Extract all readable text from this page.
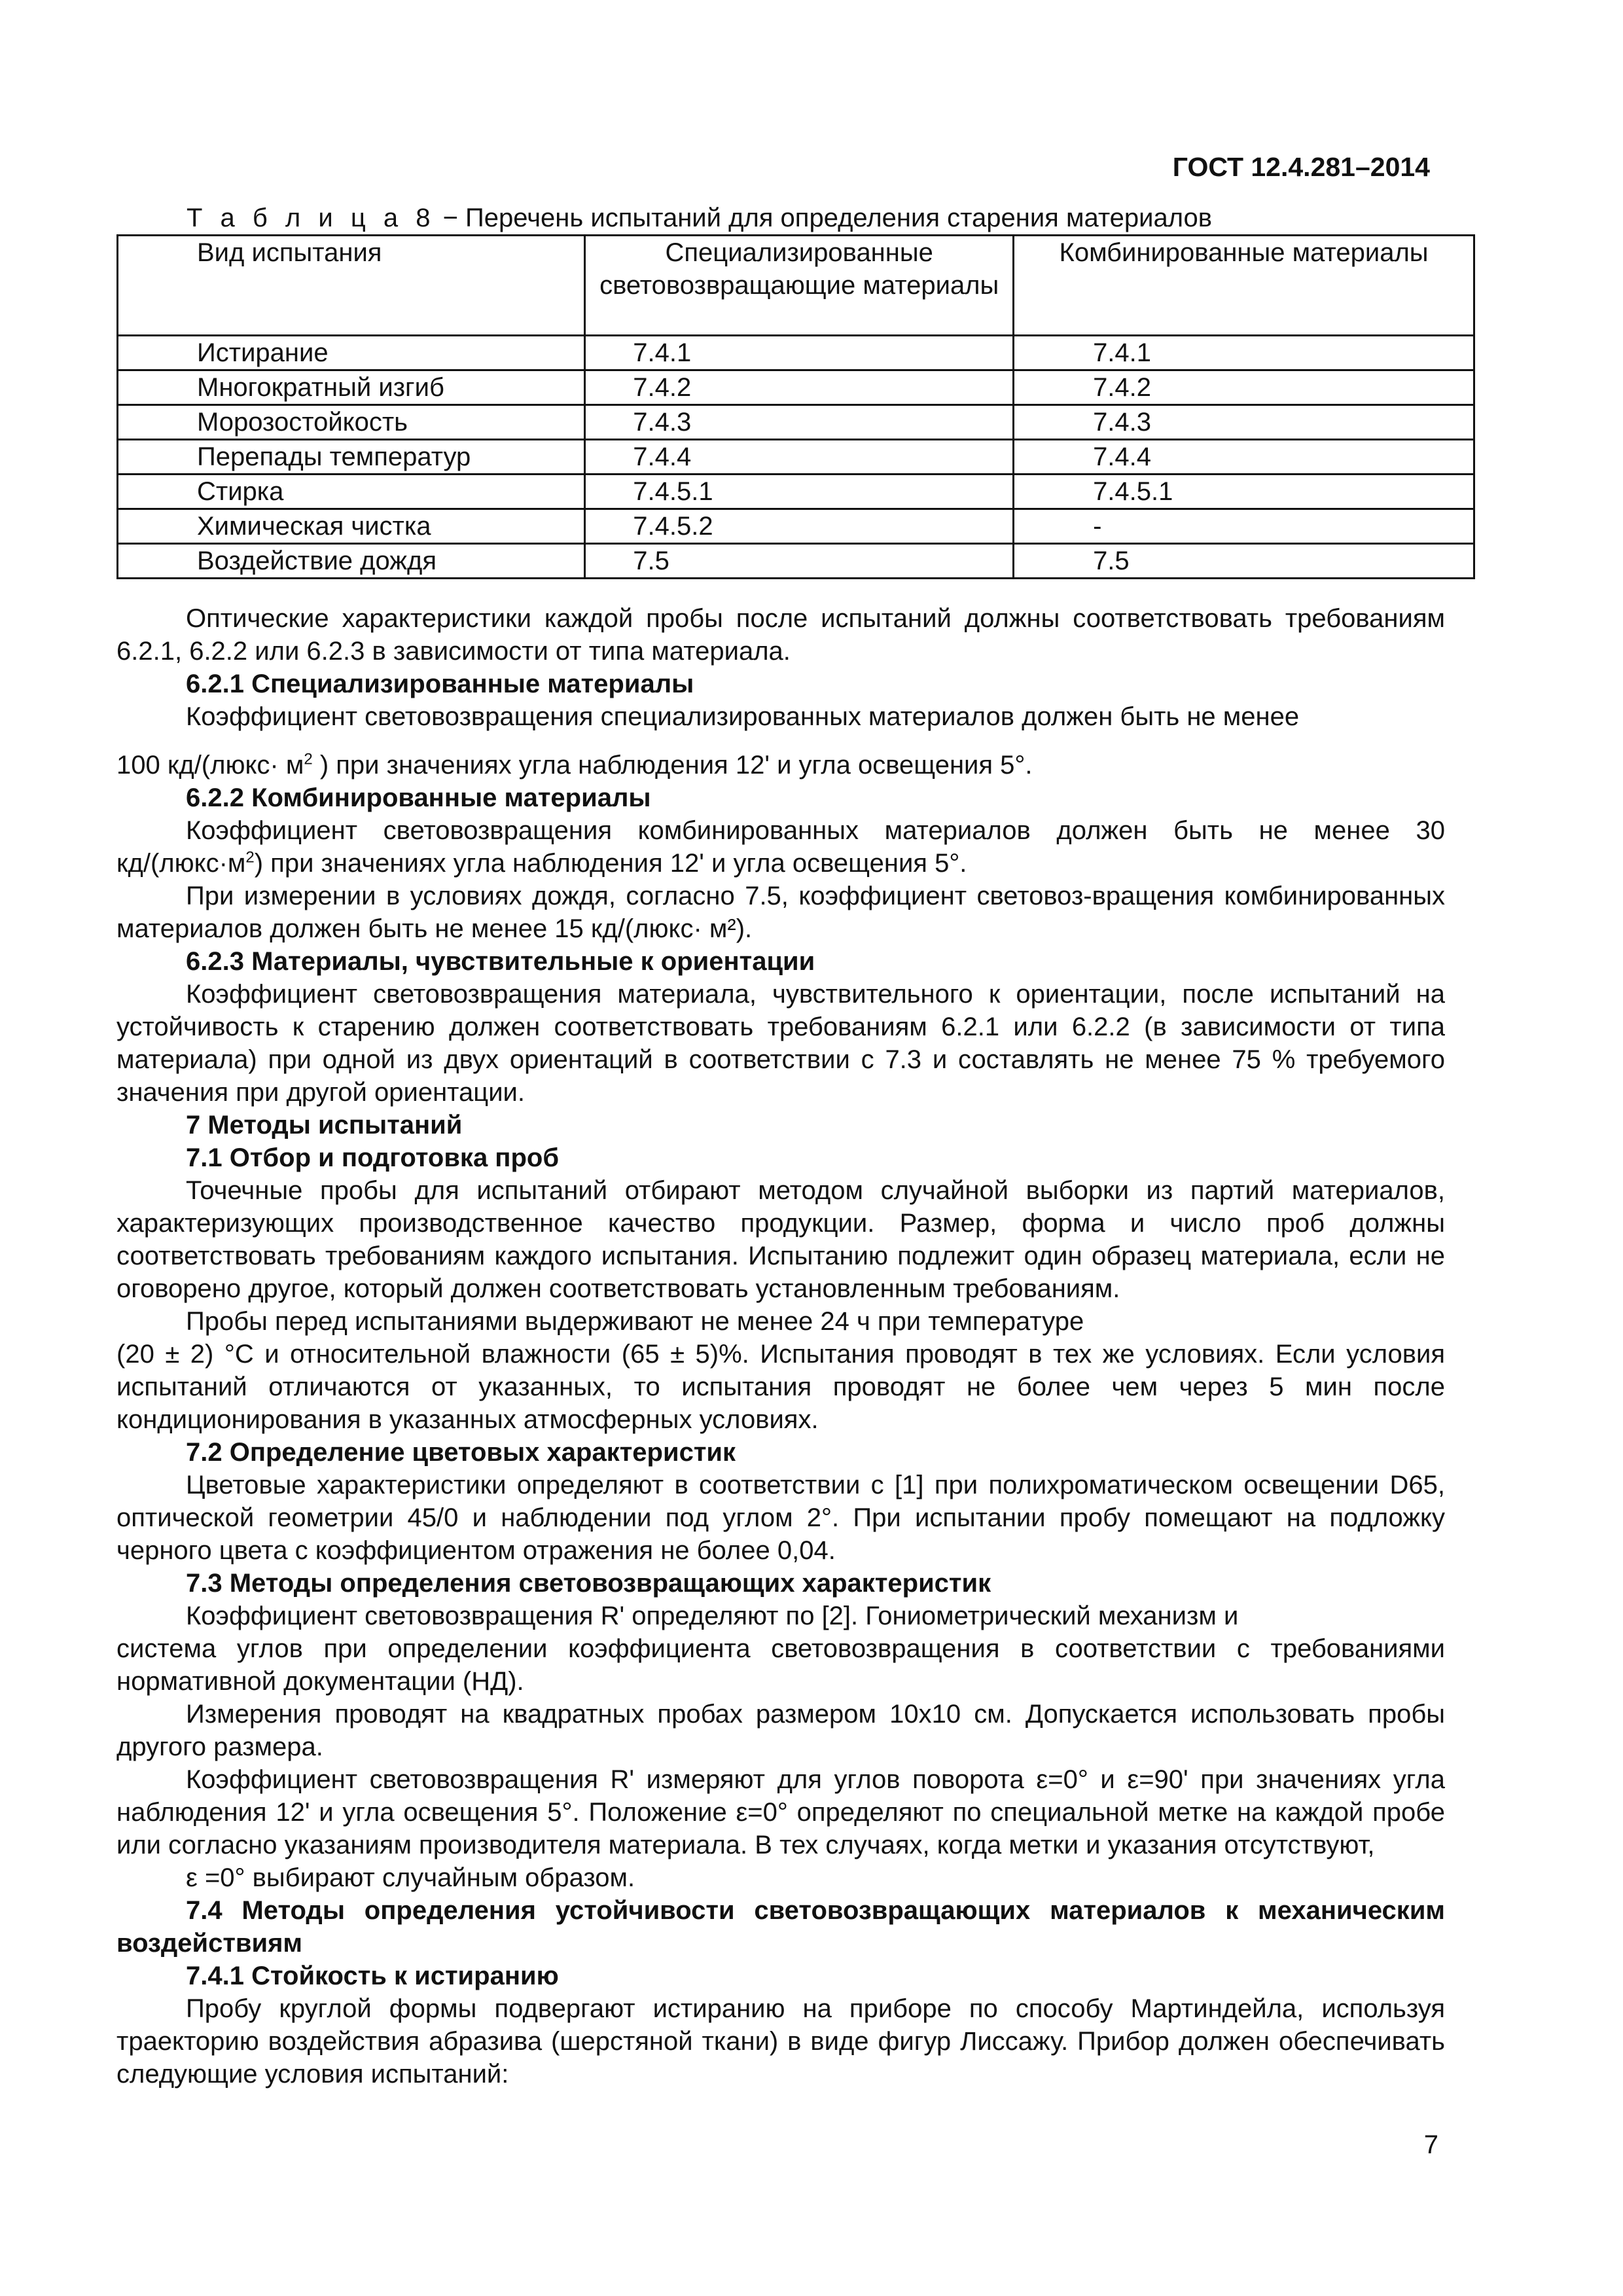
ГОСТ 12.4.281–2014
Т а б л и ц а 8 − Перечень испытаний для определения старения материалов
Вид испытания	Специализированные световозвращающие материалы	Комбинированные материалы
Истирание	7.4.1	7.4.1
Многократный изгиб	7.4.2	7.4.2
Морозостойкость	7.4.3	7.4.3
Перепады температур	7.4.4	7.4.4
Стирка	7.4.5.1	7.4.5.1
Химическая чистка	7.4.5.2	-
Воздействие дождя	7.5	7.5

Оптические характеристики каждой пробы после испытаний должны соответствовать требованиям 6.2.1, 6.2.2 или 6.2.3 в зависимости от типа материала.

6.2.1 Специализированные материалы

Коэффициент световозвращения специализированных материалов должен быть не менее

100 кд/(люкс· $м^2$ ) при значениях угла наблюдения 12' и угла освещения 5°.

6.2.2 Комбинированные материалы

Коэффициент световозвращения комбинированных материалов должен быть не менее 30 $кд/(люкс\cdot м^2)$ при значениях угла наблюдения 12' и угла освещения 5°.

При измерении в условиях дождя, согласно 7.5, коэффициент световоз-вращения комбинированных материалов должен быть не менее 15 кд/(люкс· м²).

6.2.3 Материалы, чувствительные к ориентации

Коэффициент световозвращения материала, чувствительного к ориентации, после испытаний на устойчивость к старению должен соответствовать требованиям 6.2.1 или 6.2.2 (в зависимости от типа материала) при одной из двух ориентаций в соответствии с 7.3 и составлять не менее 75 % требуемого значения при другой ориентации.

7 Методы испытаний

7.1 Отбор и подготовка проб

Точечные пробы для испытаний отбирают методом случайной выборки из партий материалов, характеризующих производственное качество продукции. Размер, форма и число проб должны соответствовать требованиям каждого испытания. Испытанию подлежит один образец материала, если не оговорено другое, который должен соответствовать установленным требованиям.

Пробы перед испытаниями выдерживают не менее 24 ч при температуре

(20 ± 2) °С и относительной влажности (65 ± 5)%. Испытания проводят в тех же условиях. Если условия испытаний отличаются от указанных, то испытания проводят не более чем через 5 мин после кондиционирования в указанных атмосферных условиях.

7.2 Определение цветовых характеристик

Цветовые характеристики определяют в соответствии с [1] при полихроматическом освещении D65, оптической геометрии 45/0 и наблюдении под углом 2°. При испытании пробу помещают на подложку черного цвета с коэффициентом отражения не более 0,04.

7.3 Методы определения световозвращающих характеристик

Коэффициент световозвращения R' определяют по [2]. Гониометрический механизм и

система углов при определении коэффициента световозвращения в соответствии с требованиями нормативной документации (НД).

Измерения проводят на квадратных пробах размером 10х10 см. Допускается использовать пробы другого размера.

Коэффициент световозвращения R' измеряют для углов поворота ε=0° и ε=90' при значениях угла наблюдения 12' и угла освещения 5°. Положение ε=0° определяют по специальной метке на каждой пробе или согласно указаниям производителя материала. В тех случаях, когда метки и указания отсутствуют,

ε =0° выбирают случайным образом.

7.4 Методы определения устойчивости световозвращающих материалов к механическим воздействиям

7.4.1 Стойкость к истиранию

Пробу круглой формы подвергают истиранию на приборе по способу Мартиндейла, используя траекторию воздействия абразива (шерстяной ткани) в виде фигур Лиссажу. Прибор должен обеспечивать следующие условия испытаний:

7
